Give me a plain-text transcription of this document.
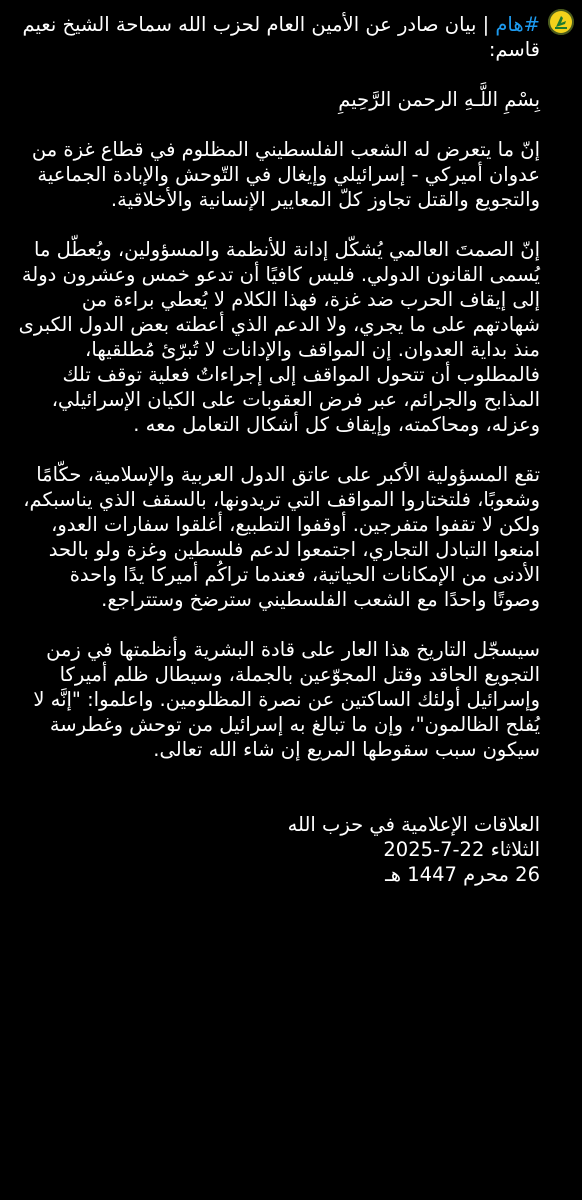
#هام | بيان صادر عن الأمين العام لحزب الله سماحة الشيخ نعيم قاسم:

بِسْمِ اللَّـهِ الرحمن الرَّحِيمِ

إنّ ما يتعرض له الشعب الفلسطيني المظلوم في قطاع غزة من عدوان أميركي - إسرائيلي وإيغال في التّوحش والإبادة الجماعية والتجويع والقتل تجاوز كلّ المعايير الإنسانية والأخلاقية.

إنّ الصمتَ العالمي يُشكّل إدانة للأنظمة والمسؤولين، ويُعطّل ما يُسمى القانون الدولي. فليس كافيًا أن تدعو خمس وعشرون دولة إلى إيقاف الحرب ضد غزة، فهذا الكلام لا يُعطي براءة من شهادتهم على ما يجري، ولا الدعم الذي أعطته بعض الدول الكبرى منذ بداية العدوان. إن المواقف والإدانات لا تُبرّئ مُطلقيها، فالمطلوب أن تتحول المواقف إلى إجراءاتٌ فعلية توقف تلك المذابح والجرائم، عبر فرض العقوبات على الكيان الإسرائيلي، وعزله، ومحاكمته، وإيقاف كل أشكال التعامل معه .

تقع المسؤولية الأكبر على عاتق الدول العربية والإسلامية، حكّامًا وشعوبًا، فلتختاروا المواقف التي تريدونها، بالسقف الذي يناسبكم، ولكن لا تقفوا متفرجين. أوقفوا التطبيع، أغلقوا سفارات العدو، امنعوا التبادل التجاري، اجتمعوا لدعم فلسطين وغزة ولو بالحد الأدنى من الإمكانات الحياتية، فعندما تراكُم أميركا يدًا واحدة وصوتًا واحدًا مع الشعب الفلسطيني سترضخ وستتراجع.

سيسجّل التاريخ هذا العار على قادة البشرية وأنظمتها في زمن التجويع الحاقد وقتل المجوّعين بالجملة، وسيطال ظلم أميركا وإسرائيل أولئك الساكتين عن نصرة المظلومين. واعلموا: "إنَّه لا يُفلح الظالمون"، وإن ما تبالغ به إسرائيل من توحش وغطرسة سيكون سبب سقوطها المريع إن شاء الله تعالى.

العلاقات الإعلامية في حزب الله
الثلاثاء 22-7-2025
26 محرم 1447 هـ
